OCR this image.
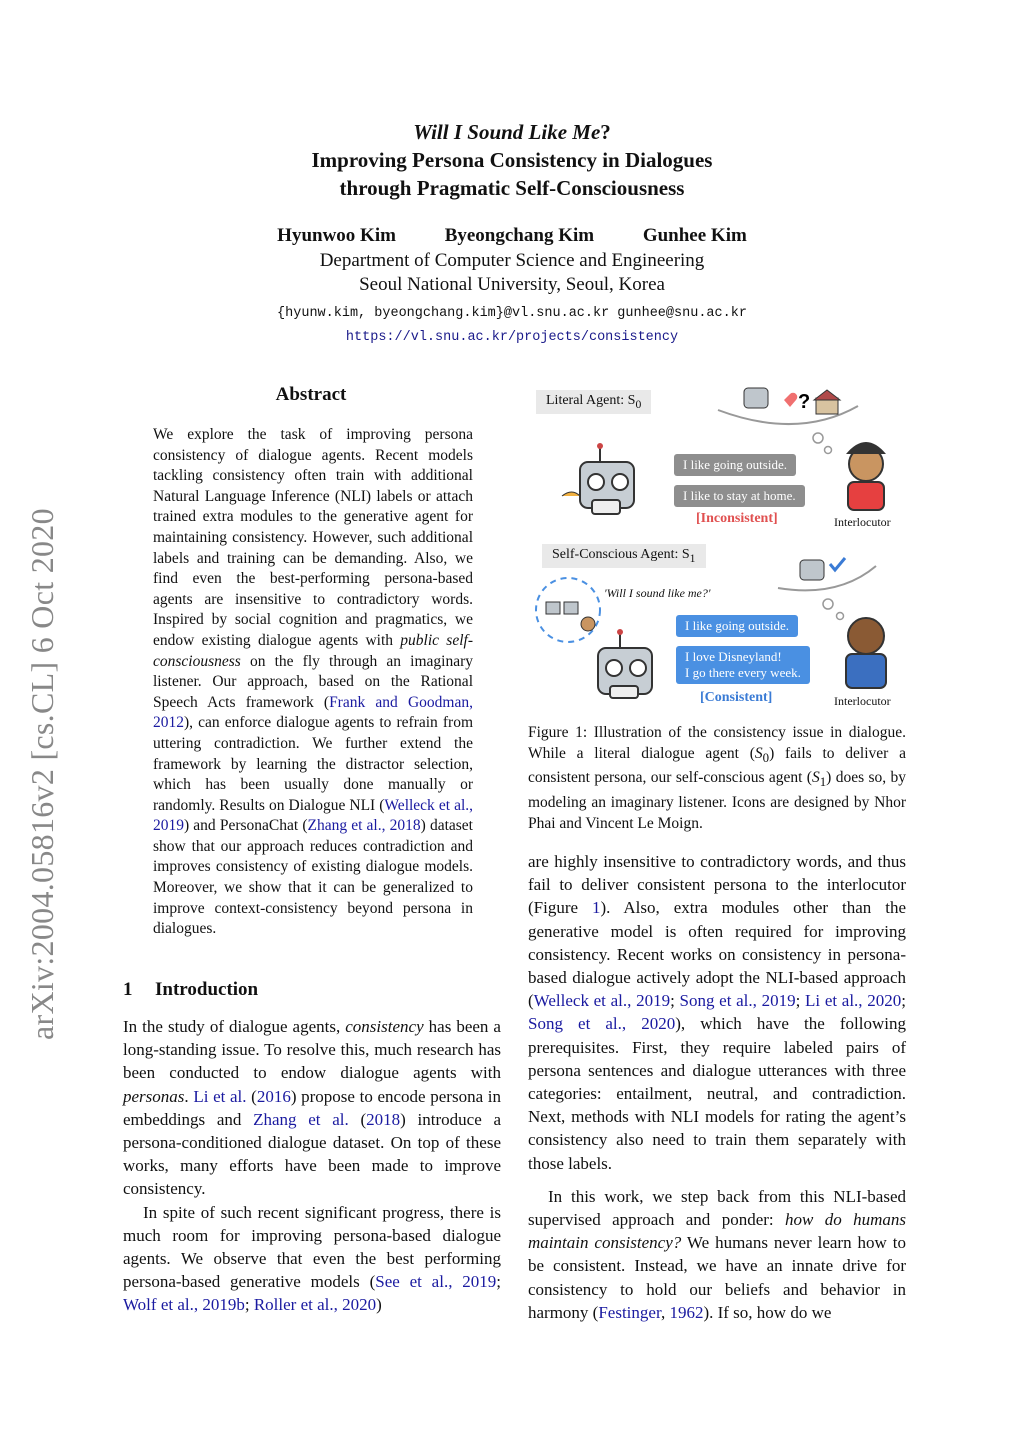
arXiv:2004.05816v2 [cs.CL] 6 Oct 2020
Will I Sound Like Me?
Improving Persona Consistency in Dialogues
through Pragmatic Self-Consciousness
Hyunwoo Kim	Byeongchang Kim	Gunhee Kim
Department of Computer Science and Engineering
Seoul National University, Seoul, Korea
{hyunw.kim, byeongchang.kim}@vl.snu.ac.kr gunhee@snu.ac.kr
https://vl.snu.ac.kr/projects/consistency
Abstract
We explore the task of improving persona consistency of dialogue agents. Recent models tackling consistency often train with additional Natural Language Inference (NLI) labels or attach trained extra modules to the generative agent for maintaining consistency. However, such additional labels and training can be demanding. Also, we find even the best-performing persona-based agents are insensitive to contradictory words. Inspired by social cognition and pragmatics, we endow existing dialogue agents with public self-consciousness on the fly through an imaginary listener. Our approach, based on the Rational Speech Acts framework (Frank and Goodman, 2012), can enforce dialogue agents to refrain from uttering contradiction. We further extend the framework by learning the distractor selection, which has been usually done manually or randomly. Results on Dialogue NLI (Welleck et al., 2019) and PersonaChat (Zhang et al., 2018) dataset show that our approach reduces contradiction and improves consistency of existing dialogue models. Moreover, we show that it can be generalized to improve context-consistency beyond persona in dialogues.
1 Introduction

In the study of dialogue agents, consistency has been a long-standing issue. To resolve this, much research has been conducted to endow dialogue agents with personas. Li et al. (2016) propose to encode persona in embeddings and Zhang et al. (2018) introduce a persona-conditioned dialogue dataset. On top of these works, many efforts have been made to improve consistency.

In spite of such recent significant progress, there is much room for improving persona-based dialogue agents. We observe that even the best performing persona-based generative models (See et al., 2019; Wolf et al., 2019b; Roller et al., 2020)

?
Literal Agent: $S_0$
I like going outside.
I like to stay at home.
[Inconsistent]	Interlocutor
Self-Conscious Agent: $S_1$
'Will I sound like me?'
I like going outside.
I love Disneyland!
I go there every week.
[Consistent]	Interlocutor
Figure 1: Illustration of the consistency issue in dialogue. While a literal dialogue agent $(S_0)$ fails to deliver a consistent persona, our self-conscious agent $(S_1)$ does so, by modeling an imaginary listener. Icons are designed by Nhor Phai and Vincent Le Moign.

are highly insensitive to contradictory words, and thus fail to deliver consistent persona to the interlocutor (Figure 1). Also, extra modules other than the generative model is often required for improving consistency. Recent works on consistency in persona-based dialogue actively adopt the NLI-based approach (Welleck et al., 2019; Song et al., 2019; Li et al., 2020; Song et al., 2020), which have the following prerequisites. First, they require labeled pairs of persona sentences and dialogue utterances with three categories: entailment, neutral, and contradiction. Next, methods with NLI models for rating the agent’s consistency also need to train them separately with those labels.

In this work, we step back from this NLI-based supervised approach and ponder: how do humans maintain consistency? We humans never learn how to be consistent. Instead, we have an innate drive for consistency to hold our beliefs and behavior in harmony (Festinger, 1962). If so, how do we
